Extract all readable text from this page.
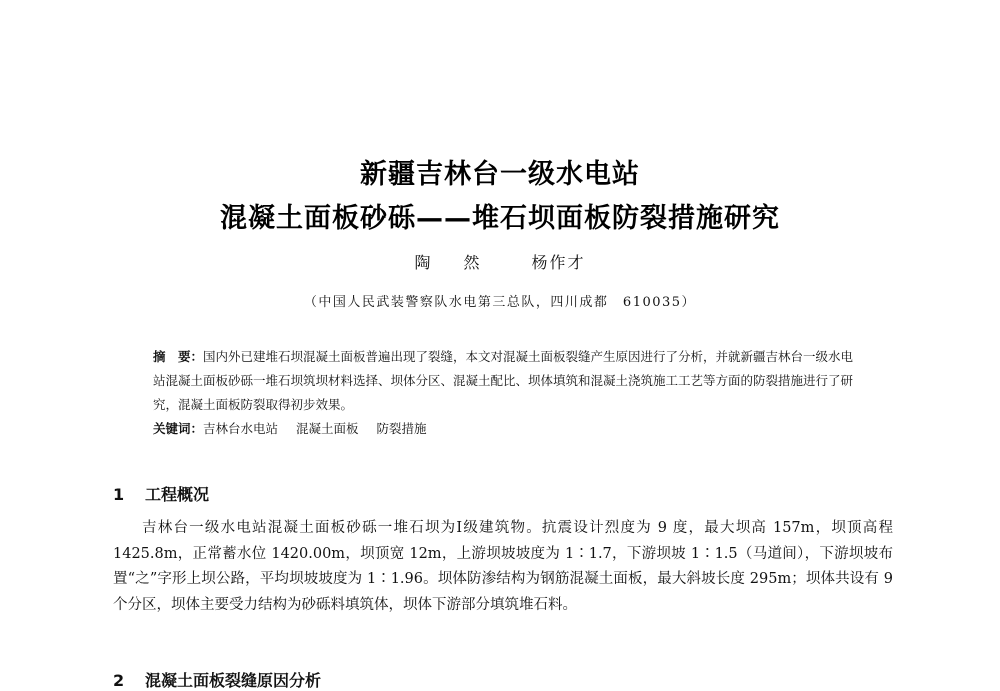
新疆吉林台一级水电站
混凝土面板砂砾——堆石坝面板防裂措施研究
陶 然 杨作才
（中国人民武装警察队水电第三总队，四川成都　610035）

摘　要：国内外已建堆石坝混凝土面板普遍出现了裂缝，本文对混凝土面板裂缝产生原因进行了分析，并就新疆吉林台一级水电站混凝土面板砂砾一堆石坝筑坝材料选择、坝体分区、混凝土配比、坝体填筑和混凝土浇筑施工工艺等方面的防裂措施进行了研究，混凝土面板防裂取得初步效果。

关键词：吉林台水电站 混凝土面板 防裂措施

1 工程概况

吉林台一级水电站混凝土面板砂砾一堆石坝为Ⅰ级建筑物。抗震设计烈度为 9 度，最大坝高 157m，坝顶高程 1425.8m，正常蓄水位 1420.00m，坝顶宽 12m，上游坝坡坡度为 1∶1.7，下游坝坡 1∶1.5（马道间），下游坝坡布置“之”字形上坝公路，平均坝坡坡度为 1∶1.96。坝体防渗结构为钢筋混凝土面板，最大斜坡长度 295m；坝体共设有 9 个分区，坝体主要受力结构为砂砾料填筑体，坝体下游部分填筑堆石料。

2 混凝土面板裂缝原因分析
